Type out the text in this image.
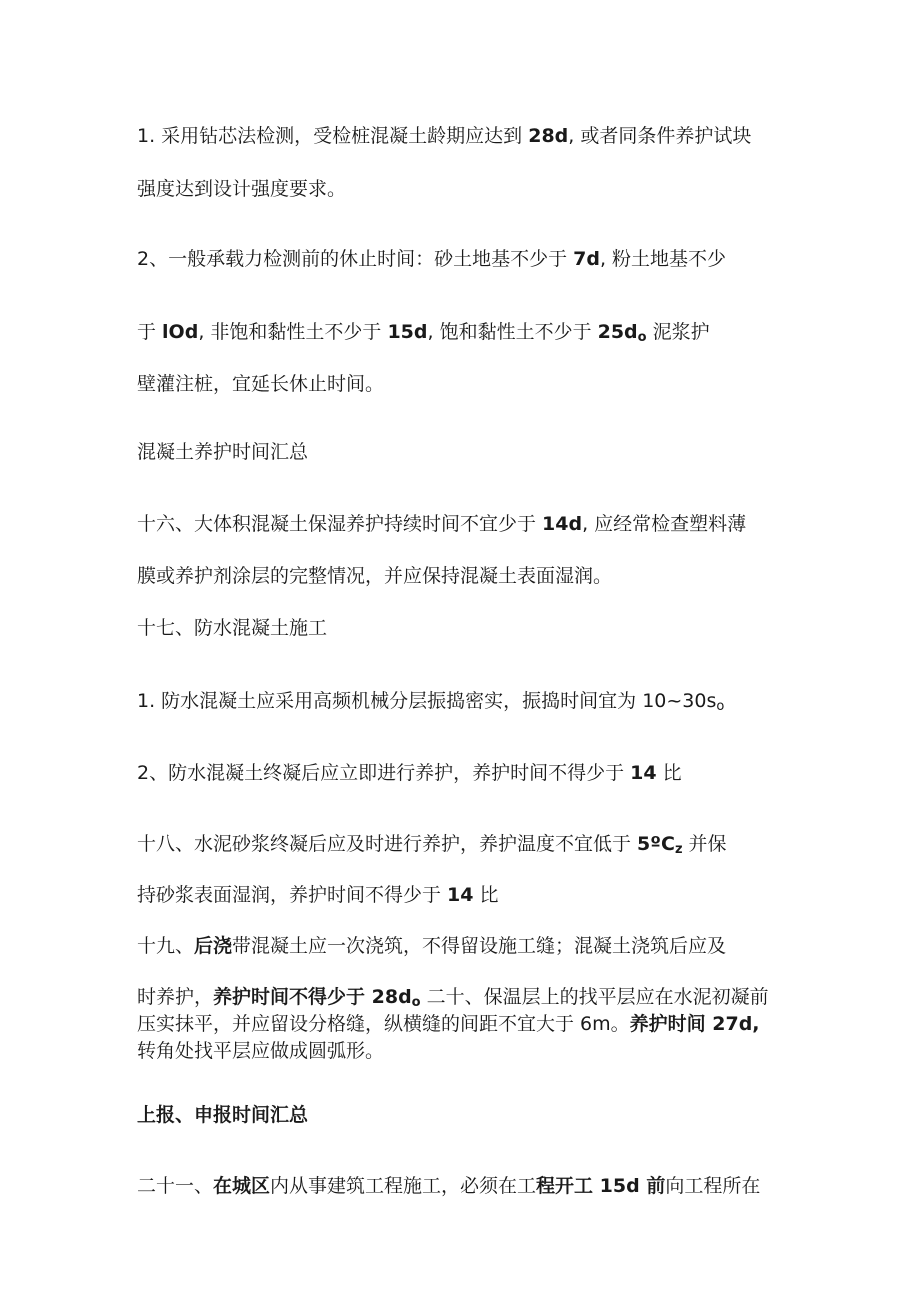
1. 采用钻芯法检测，受检桩混凝土龄期应达到 28d, 或者同条件养护试块
强度达到设计强度要求。
2、一般承载力检测前的休止时间：砂土地基不少于 7d, 粉土地基不少
于 lOd, 非饱和黏性土不少于 15d, 饱和黏性土不少于 $25d_o$ 泥浆护
壁灌注桩，宜延长休止时间。
混凝土养护时间汇总
十六、大体积混凝土保湿养护持续时间不宜少于 14d, 应经常检查塑料薄
膜或养护剂涂层的完整情况，并应保持混凝土表面湿润。
十七、防水混凝土施工
1. 防水混凝土应采用高频机械分层振捣密实，振捣时间宜为 $10\sim 30s_o$
2、防水混凝土终凝后应立即进行养护，养护时间不得少于 14 比
十八、水泥砂浆终凝后应及时进行养护，养护温度不宜低于 5ºC$_z$ 并保
持砂浆表面湿润，养护时间不得少于 14 比
十九、后浇带混凝土应一次浇筑，不得留设施工缝；混凝土浇筑后应及
时养护，养护时间不得少于 $28d_o$ 二十、保温层上的找平层应在水泥初凝前
压实抹平，并应留设分格缝，纵横缝的间距不宜大于 6m。养护时间 27d,
转角处找平层应做成圆弧形。
上报、申报时间汇总
二十一、在城区内从事建筑工程施工，必须在工程开工 15d 前向工程所在
